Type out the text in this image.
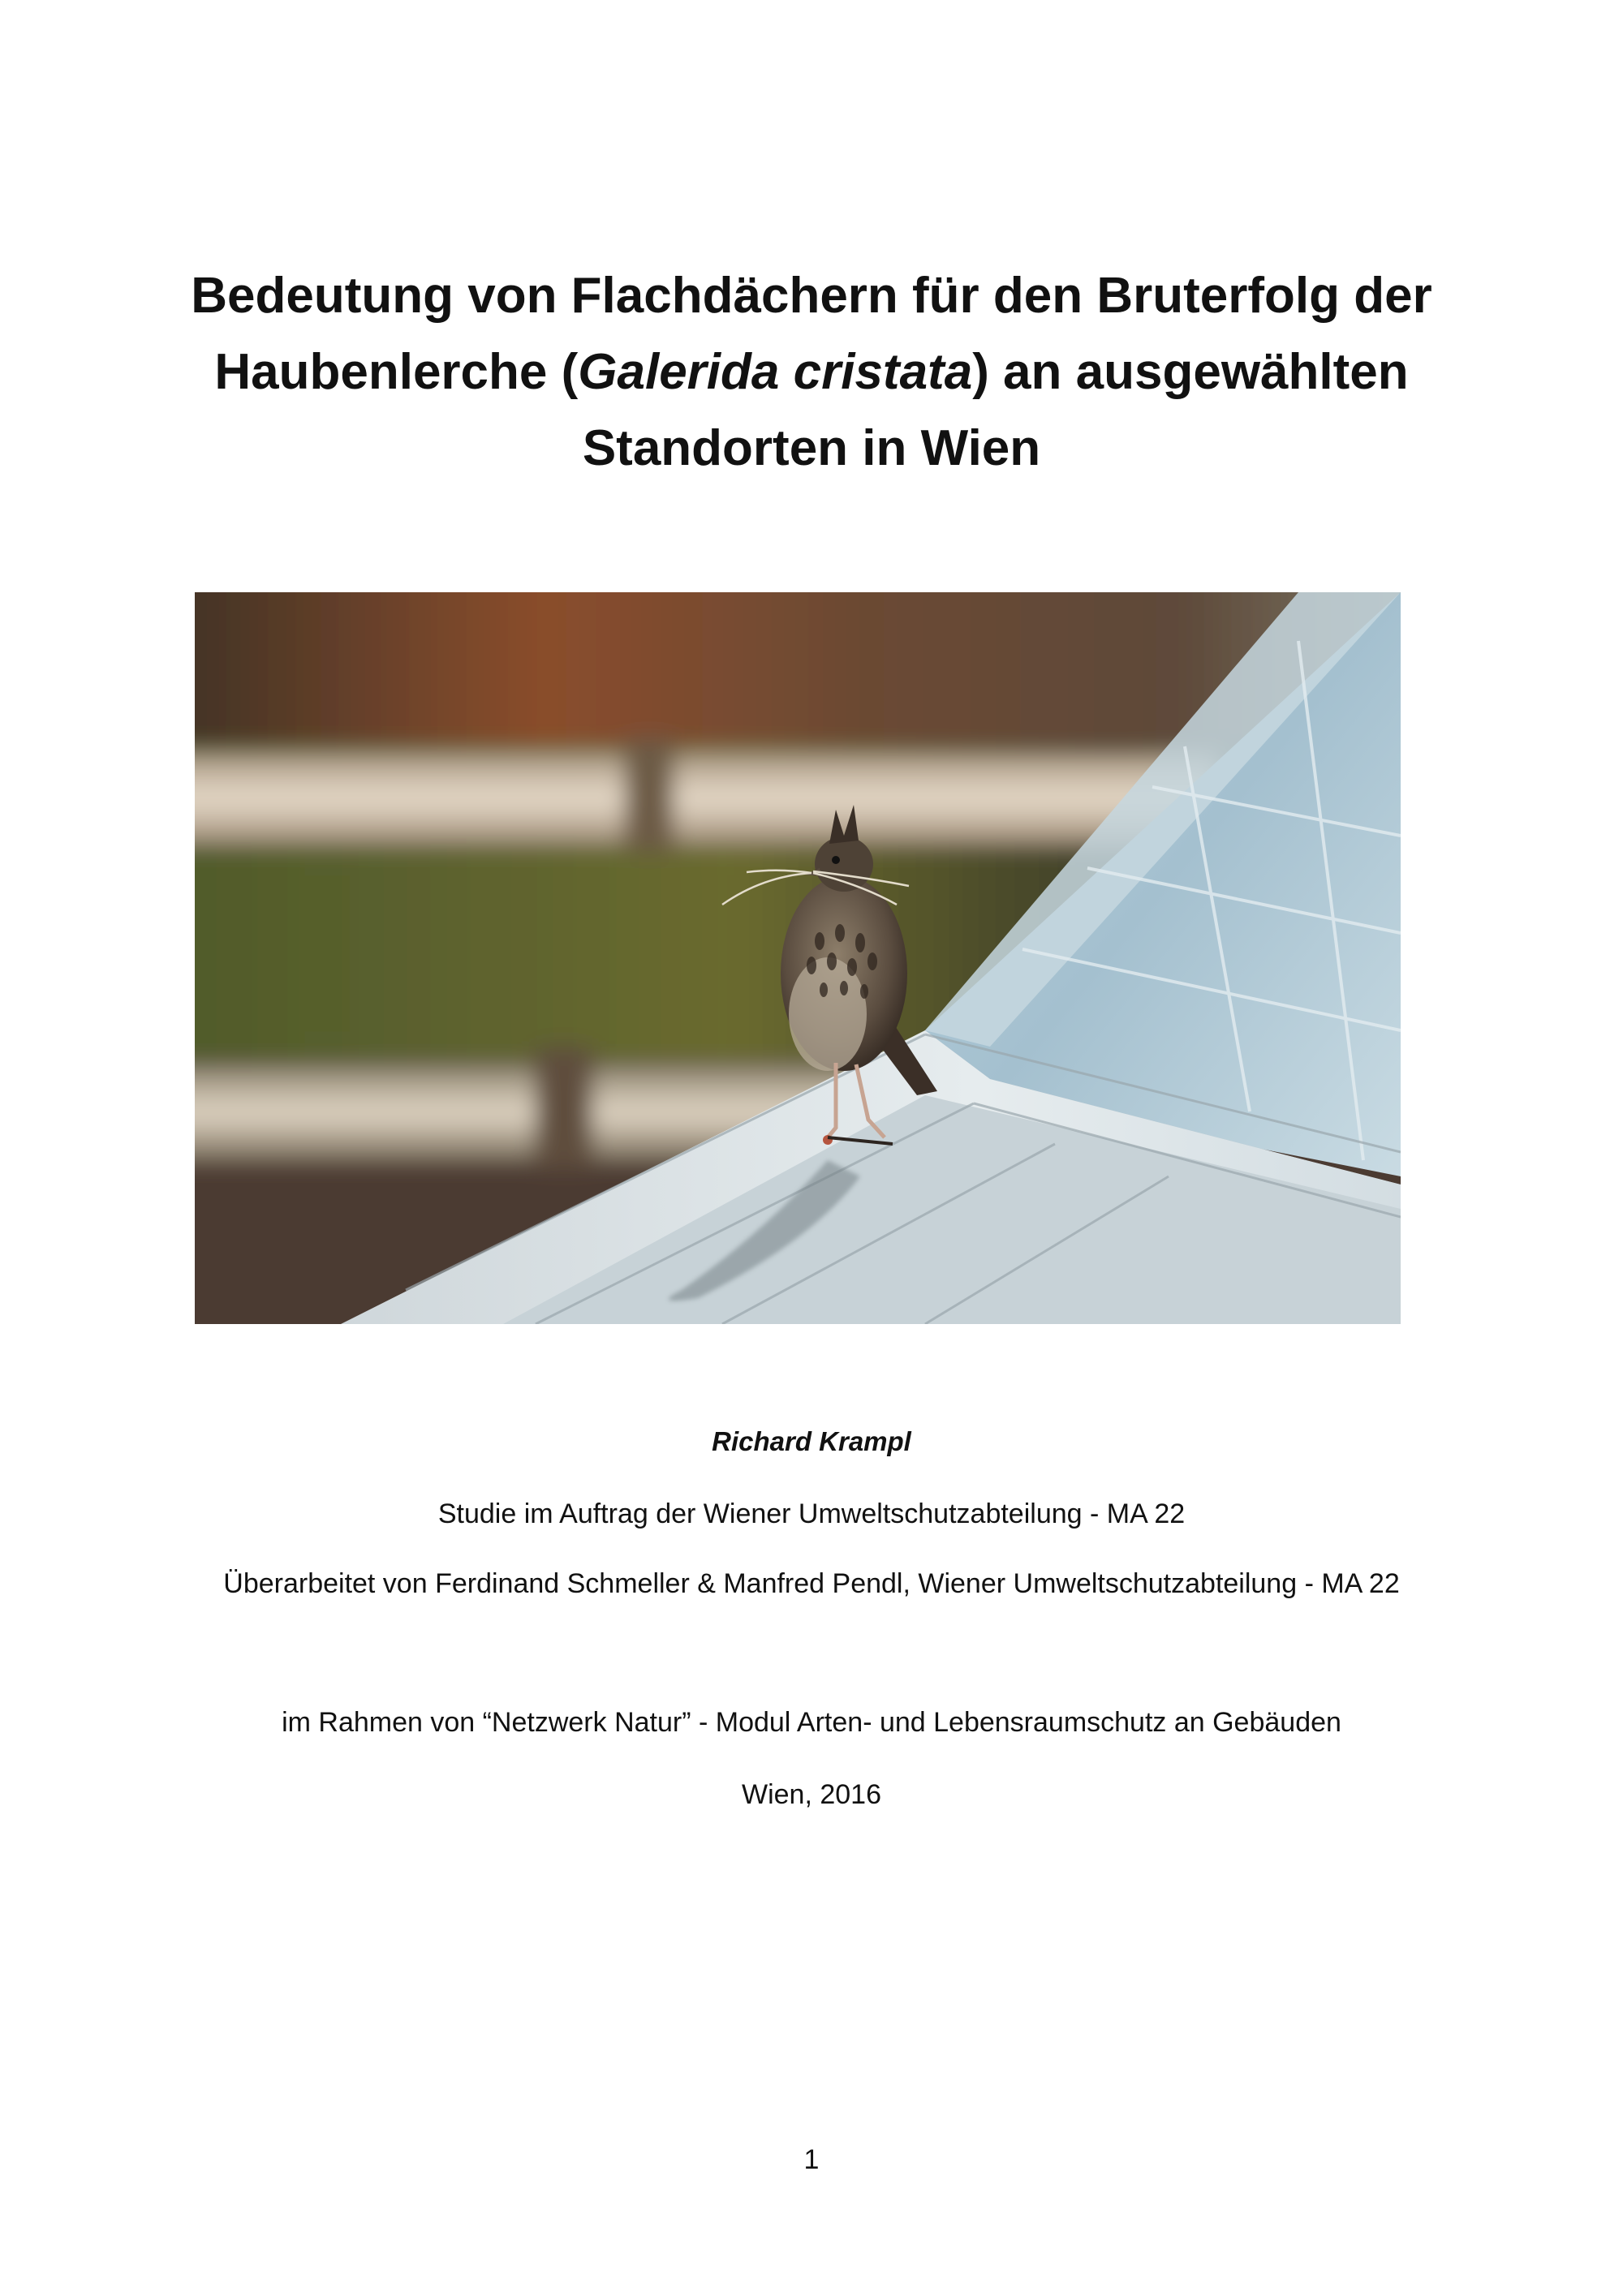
Bedeutung von Flachdächern für den Bruterfolg der
Haubenlerche (Galerida cristata) an ausgewählten
Standorten in Wien
Richard Krampl
Studie im Auftrag der Wiener Umweltschutzabteilung - MA 22
Überarbeitet von Ferdinand Schmeller & Manfred Pendl, Wiener Umweltschutzabteilung - MA 22
im Rahmen von “Netzwerk Natur” - Modul Arten- und Lebensraumschutz an Gebäuden
Wien, 2016
1
